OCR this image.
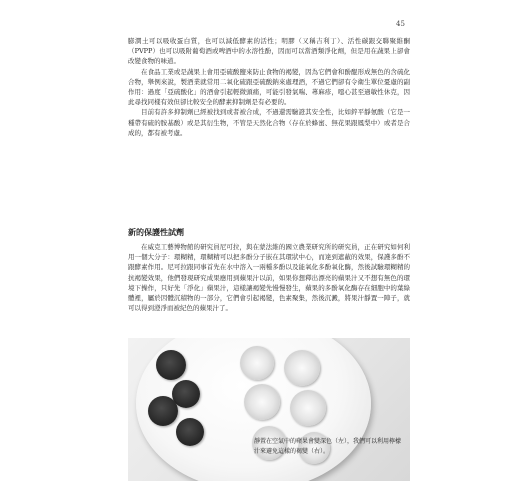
45

膨潤土可以吸收蛋白質，也可以減低酵素的活性；明膠（又稱吉利丁）、活性碳跟交聯聚維酮（PVPP）也可以吸附葡萄酒或啤酒中的水溶性酚，因而可以當酒類淨化劑，但是用在蔬果上卻會改變食物的味道。

在食品工業或是蔬果上會用亞硫酸鹽來防止食物的褐變，因為它們會和酚醌形成無色的含硫化合物，舉例來說，製酒業就常用二氧化硫跟亞硫酸鈉來處理酒，不過它們卻有令衛生單位憂慮的副作用：過度「亞硫酸化」的酒會引起輕微頭痛，可能引發氣喘、蕁麻疹，噁心甚至過敏性休克，因此尋找同樣有效但卻比較安全的酵素抑制劑是有必要的。

目前有許多抑制劑已經被找到或者被合成，不過還需驗證其安全性，比如鋅平靜氨酸（它是一種帶有硫的胺基酸）或是其衍生物，不管是天然化合物（存在於蜂蜜、無花果跟鳳梨中）或者是合成的，都有被考慮。

新的保護性試劑

在威克工藝博物館的研究員尼可拉，與在蒙法維的國立農業研究所的研究員，正在研究如何利用一個大分子：環糊精，環糊精可以把多酚分子嵌在其環狀中心，而達到遮蔽的效果，保護多酚不跟酵素作用。尼可拉跟同事首先在水中溶入一兩種多酚以及能氧化多酚氧化酶，然後試驗環糊精的抗褐變效果，他們發現研究成果應用到蘋果汁以前，如果你想釋出漂亮的蘋果汁又不想有無色的環境下操作，只好先「淨化」蘋果汁，這樣讓褐變先慢慢發生，蘋果的多酚氧化酶存在細胞中的葉綠體裡，屬於因體沉積物的一部分，它們會引起褐變，色素聚集，然後沉澱，將果汁靜置一陣子，就可以得到澄淨而被紀色的蘋果汁了。

靜置在空氣中的蘋果會變深色（左），我們可以利用檸檬汁來避免這樣的褐變（右）。
